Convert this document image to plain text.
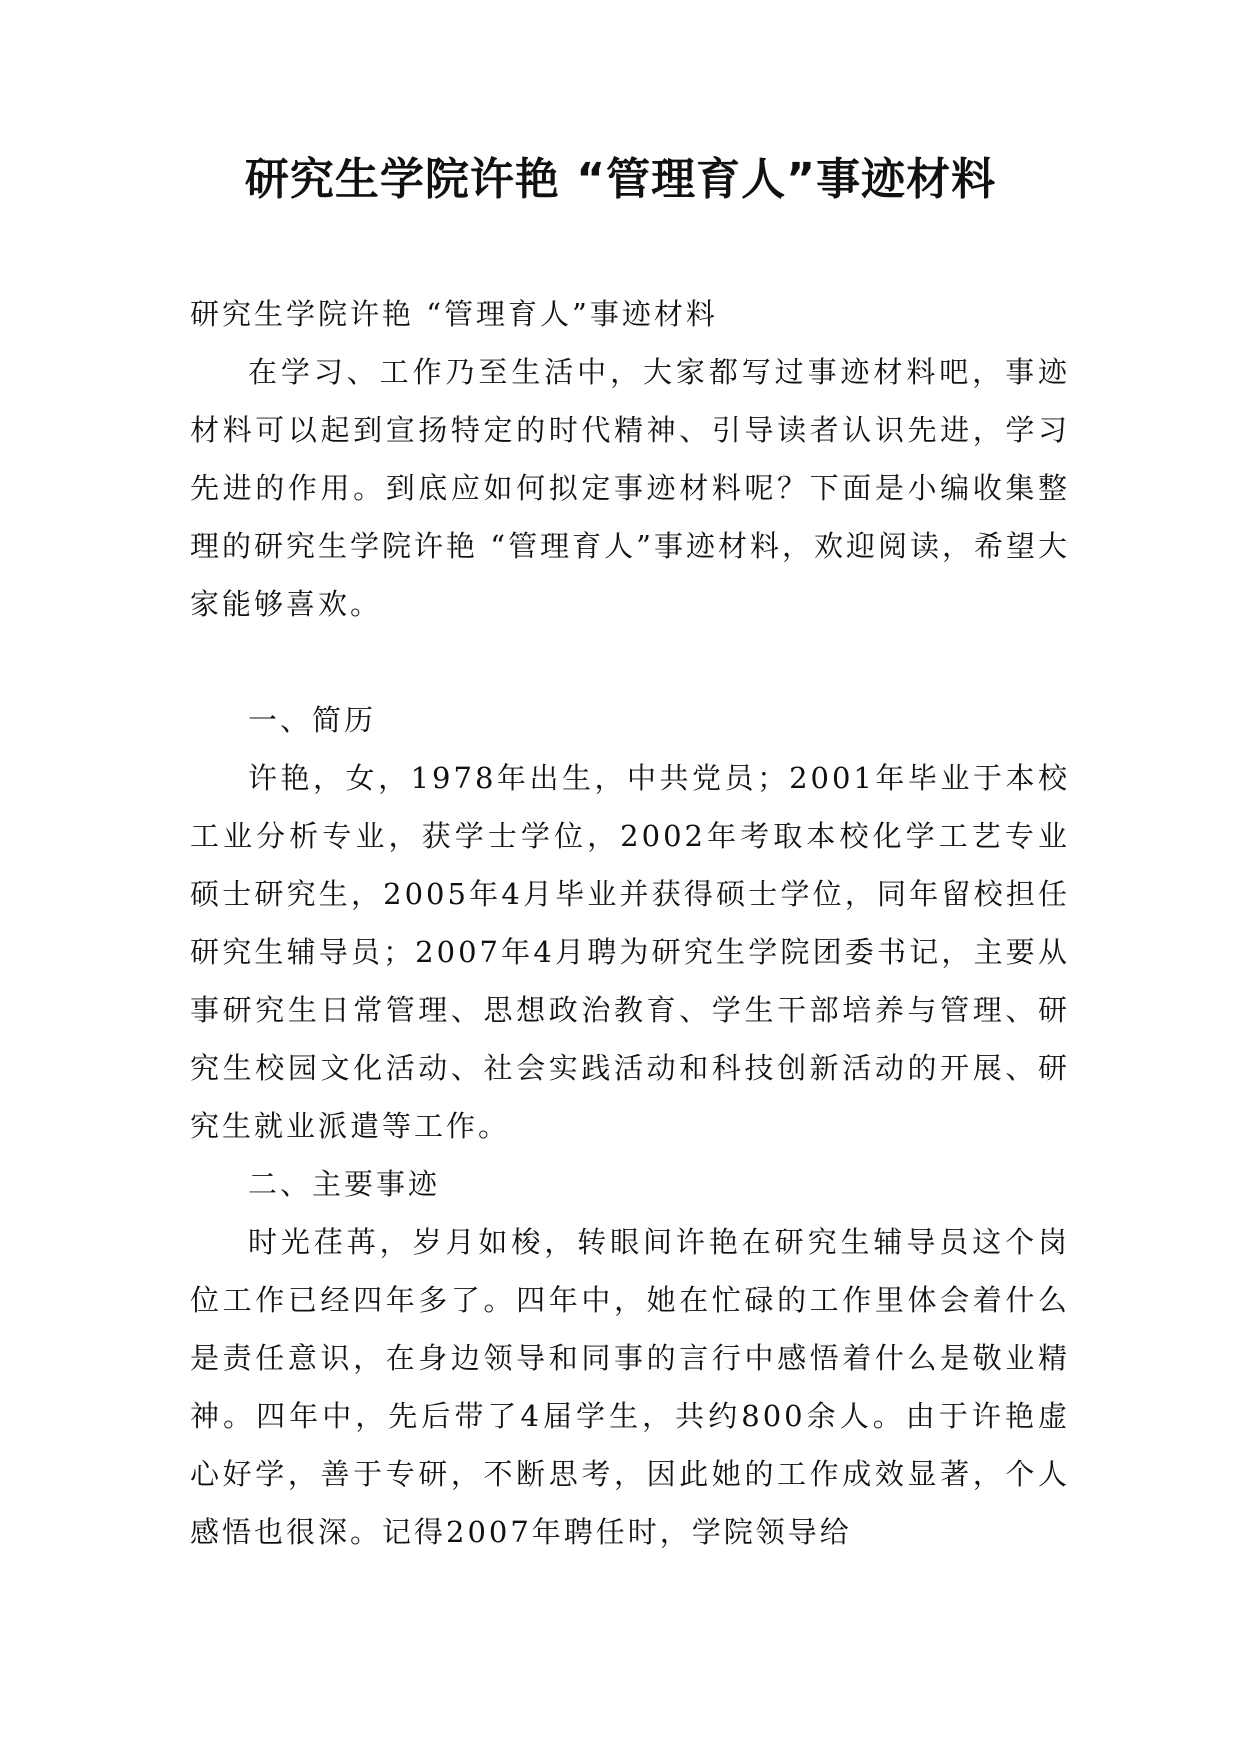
研究生学院许艳 “管理育人”事迹材料

研究生学院许艳 “管理育人”事迹材料

在学习、工作乃至生活中，大家都写过事迹材料吧，事迹材料可以起到宣扬特定的时代精神、引导读者认识先进，学习先进的作用。到底应如何拟定事迹材料呢？下面是小编收集整理的研究生学院许艳 “管理育人”事迹材料，欢迎阅读，希望大家能够喜欢。

一、简历

许艳，女，1978年出生，中共党员；2001年毕业于本校工业分析专业，获学士学位，2002年考取本校化学工艺专业硕士研究生，2005年4月毕业并获得硕士学位，同年留校担任研究生辅导员；2007年4月聘为研究生学院团委书记，主要从事研究生日常管理、思想政治教育、学生干部培养与管理、研究生校园文化活动、社会实践活动和科技创新活动的开展、研究生就业派遣等工作。

二、主要事迹

时光荏苒，岁月如梭，转眼间许艳在研究生辅导员这个岗位工作已经四年多了。四年中，她在忙碌的工作里体会着什么是责任意识，在身边领导和同事的言行中感悟着什么是敬业精神。四年中，先后带了4届学生，共约800余人。由于许艳虚心好学，善于专研，不断思考，因此她的工作成效显著，个人感悟也很深。记得2007年聘任时，学院领导给
